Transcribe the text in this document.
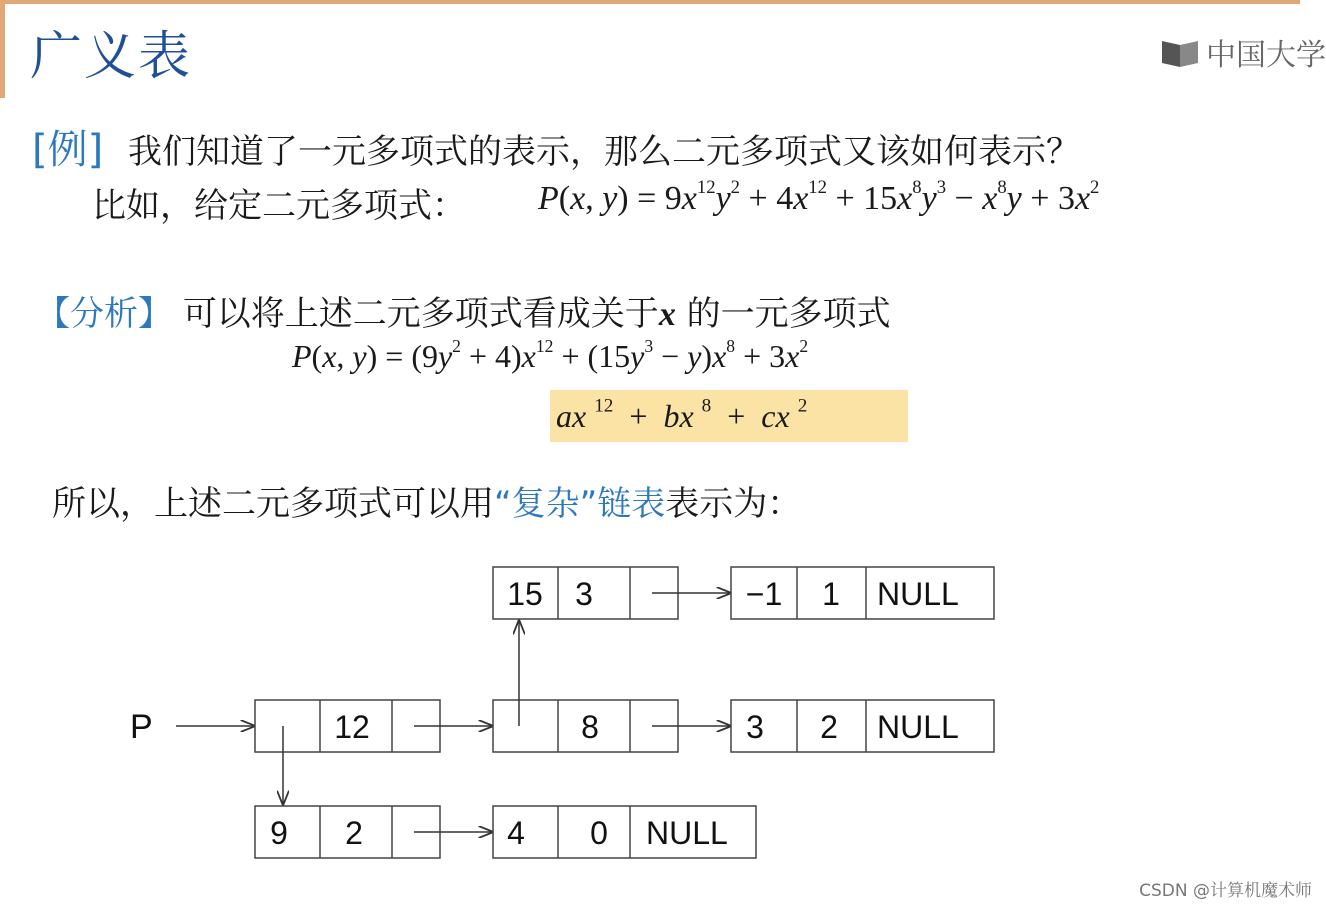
广义表	中国大学
[例] 我们知道了一元多项式的表示，那么二元多项式又该如何表示？
比如，给定二元多项式： P(x, $y) = 9x^{12}y^2 + 4x^{12} + 15x^8y^3 - x^8y + 3x^2$
【分析】 可以将上述二元多项式看成关于x 的一元多项式
P(x, $y) = (9y^2 + 4)x^{12} + (15y^3 - y)x^8 + 3x^2$
ax $^{12}$  +  bx $^8$  +  cx $^2$
所以，上述二元多项式可以用“复杂”链表表示为：
P
15 3	−1 1 NULL
12	8	3 2 NULL
9 2	4 0 NULL
CSDN @计算机魔术师
